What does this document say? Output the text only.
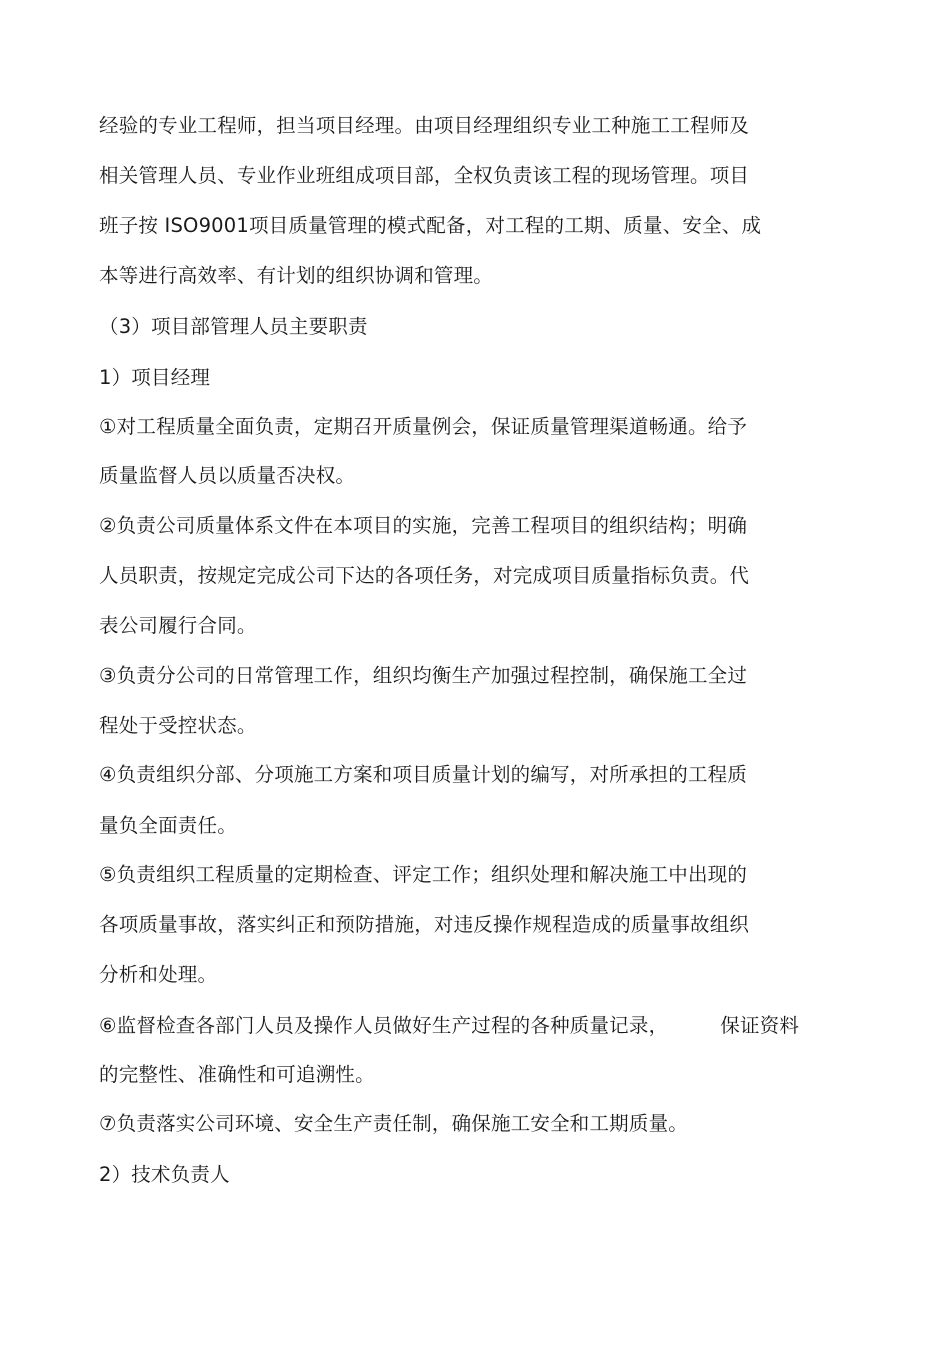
经验的专业工程师，担当项目经理。由项目经理组织专业工种施工工程师及
相关管理人员、专业作业班组成项目部，全权负责该工程的现场管理。项目
班子按 ISO9001项目质量管理的模式配备，对工程的工期、质量、安全、成
本等进行高效率、有计划的组织协调和管理。
（3）项目部管理人员主要职责
1）项目经理
①对工程质量全面负责，定期召开质量例会，保证质量管理渠道畅通。给予
质量监督人员以质量否决权。
②负责公司质量体系文件在本项目的实施，完善工程项目的组织结构；明确
人员职责，按规定完成公司下达的各项任务，对完成项目质量指标负责。代
表公司履行合同。
③负责分公司的日常管理工作，组织均衡生产加强过程控制，确保施工全过
程处于受控状态。
④负责组织分部、分项施工方案和项目质量计划的编写，对所承担的工程质
量负全面责任。
⑤负责组织工程质量的定期检查、评定工作；组织处理和解决施工中出现的
各项质量事故，落实纠正和预防措施，对违反操作规程造成的质量事故组织
分析和处理。
⑥监督检查各部门人员及操作人员做好生产过程的各种质量记录，	保证资料
的完整性、准确性和可追溯性。
⑦负责落实公司环境、安全生产责任制，确保施工安全和工期质量。
2）技术负责人
